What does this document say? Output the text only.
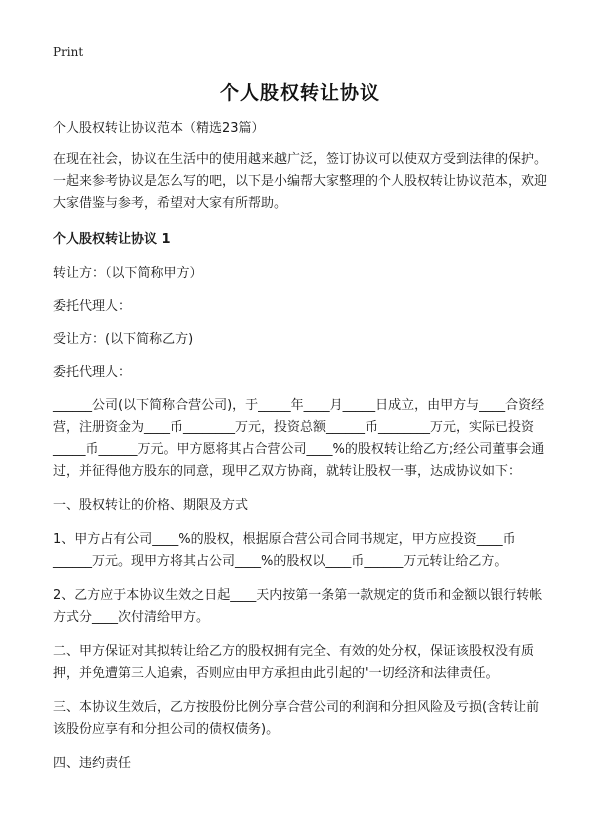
Print
个人股权转让协议

个人股权转让协议范本（精选23篇）

在现在社会，协议在生活中的使用越来越广泛，签订协议可以使双方受到法律的保护。一起来参考协议是怎么写的吧，以下是小编帮大家整理的个人股权转让协议范本，欢迎大家借鉴与参考，希望对大家有所帮助。

个人股权转让协议 1

转让方：（以下简称甲方）

委托代理人：

受让方：(以下简称乙方)

委托代理人：

______公司(以下简称合营公司)，于_____年____月_____日成立，由甲方与____合资经营，注册资金为____币________万元，投资总额______币________万元，实际已投资_____币______万元。甲方愿将其占合营公司____%的股权转让给乙方;经公司董事会通过，并征得他方股东的同意，现甲乙双方协商，就转让股权一事，达成协议如下：

一、股权转让的价格、期限及方式

1、甲方占有公司____%的股权，根据原合营公司合同书规定，甲方应投资____币______万元。现甲方将其占公司____%的股权以____币______万元转让给乙方。

2、乙方应于本协议生效之日起____天内按第一条第一款规定的货币和金额以银行转帐方式分____次付清给甲方。

二、甲方保证对其拟转让给乙方的股权拥有完全、有效的处分权，保证该股权没有质押，并免遭第三人追索，否则应由甲方承担由此引起的'一切经济和法律责任。

三、本协议生效后，乙方按股份比例分享合营公司的利润和分担风险及亏损(含转让前该股份应享有和分担公司的债权债务)。

四、违约责任
